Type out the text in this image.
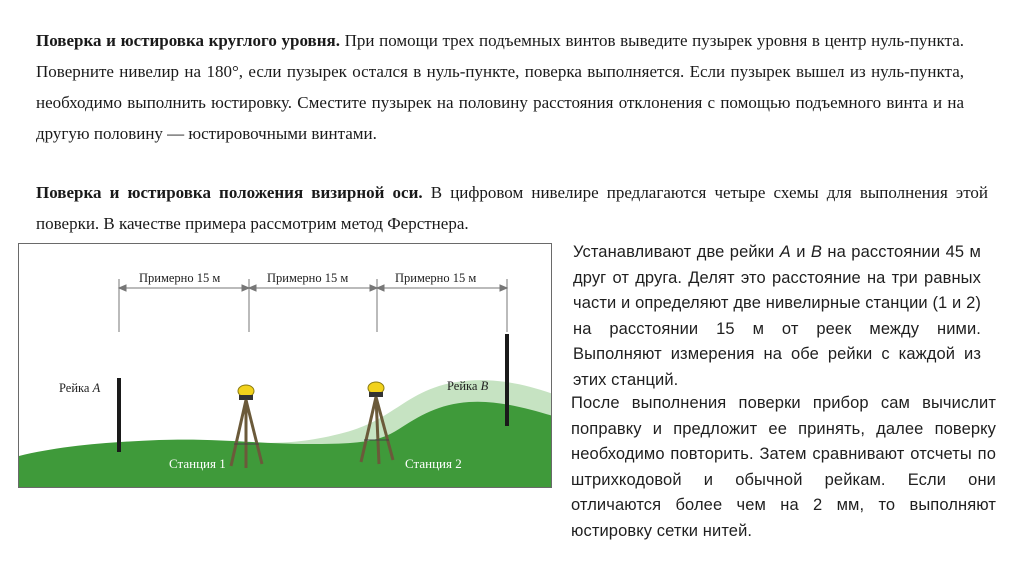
Поверка и юстировка круглого уровня. При помощи трех подъемных винтов выведите пузырек уровня в центр нуль-пункта. Поверните нивелир на 180°, если пузырек остался в нуль-пункте, поверка выполняется. Если пузырек вышел из нуль-пункта, необходимо выполнить юстировку. Сместите пузырек на половину расстояния отклонения с помощью подъемного винта и на другую половину — юстировочными винтами.

Поверка и юстировка положения визирной оси. В цифровом нивелире предлагаются четыре схемы для выполнения этой поверки. В качестве примера рассмотрим метод Ферстнера.

Примерно 15 м	Примерно 15 м	Примерно 15 м
Рейка A	Рейка B
Станция 1	Станция 2

Устанавливают две рейки A и B на расстоянии 45 м друг от друга. Делят это расстояние на три равных части и определяют две нивелирные станции (1 и 2) на расстоянии 15 м от реек между ними. Выполняют измерения на обе рейки с каждой из этих станций.

После выполнения поверки прибор сам вычислит поправку и предложит ее принять, далее поверку необходимо повторить. Затем сравнивают отсчеты по штрихкодовой и обычной рейкам. Если они отличаются более чем на 2 мм, то выполняют юстировку сетки нитей.
